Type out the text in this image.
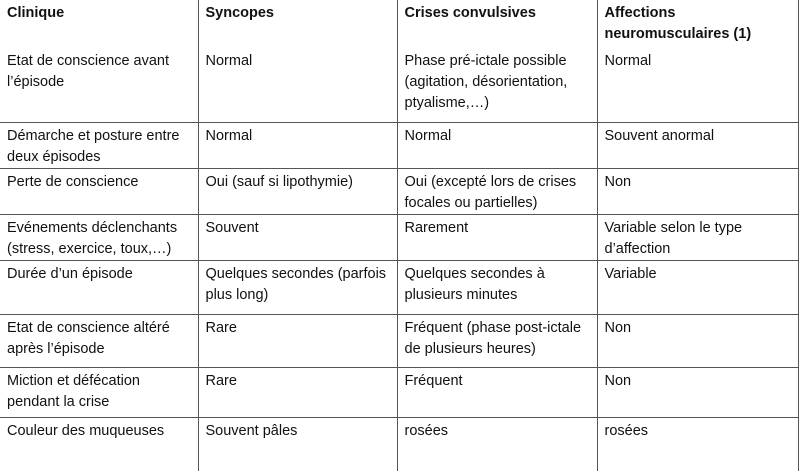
Clinique	Syncopes	Crises convulsives	Affections neuromusculaires (1)
Etat de conscience avant l’épisode	Normal	Phase pré-ictale possible (agitation, désorientation, ptyalisme,…)	Normal
Démarche et posture entre deux épisodes	Normal	Normal	Souvent anormal
Perte de conscience	Oui (sauf si lipothymie)	Oui (excepté lors de crises focales ou partielles)	Non
Evénements déclenchants (stress, exercice, toux,…)	Souvent	Rarement	Variable selon le type d’affection
Durée d’un épisode	Quelques secondes (parfois plus long)	Quelques secondes à plusieurs minutes	Variable
Etat de conscience altéré après l’épisode	Rare	Fréquent (phase post-ictale de plusieurs heures)	Non
Miction et défécation pendant la crise	Rare	Fréquent	Non
Couleur des muqueuses	Souvent pâles	rosées	rosées
